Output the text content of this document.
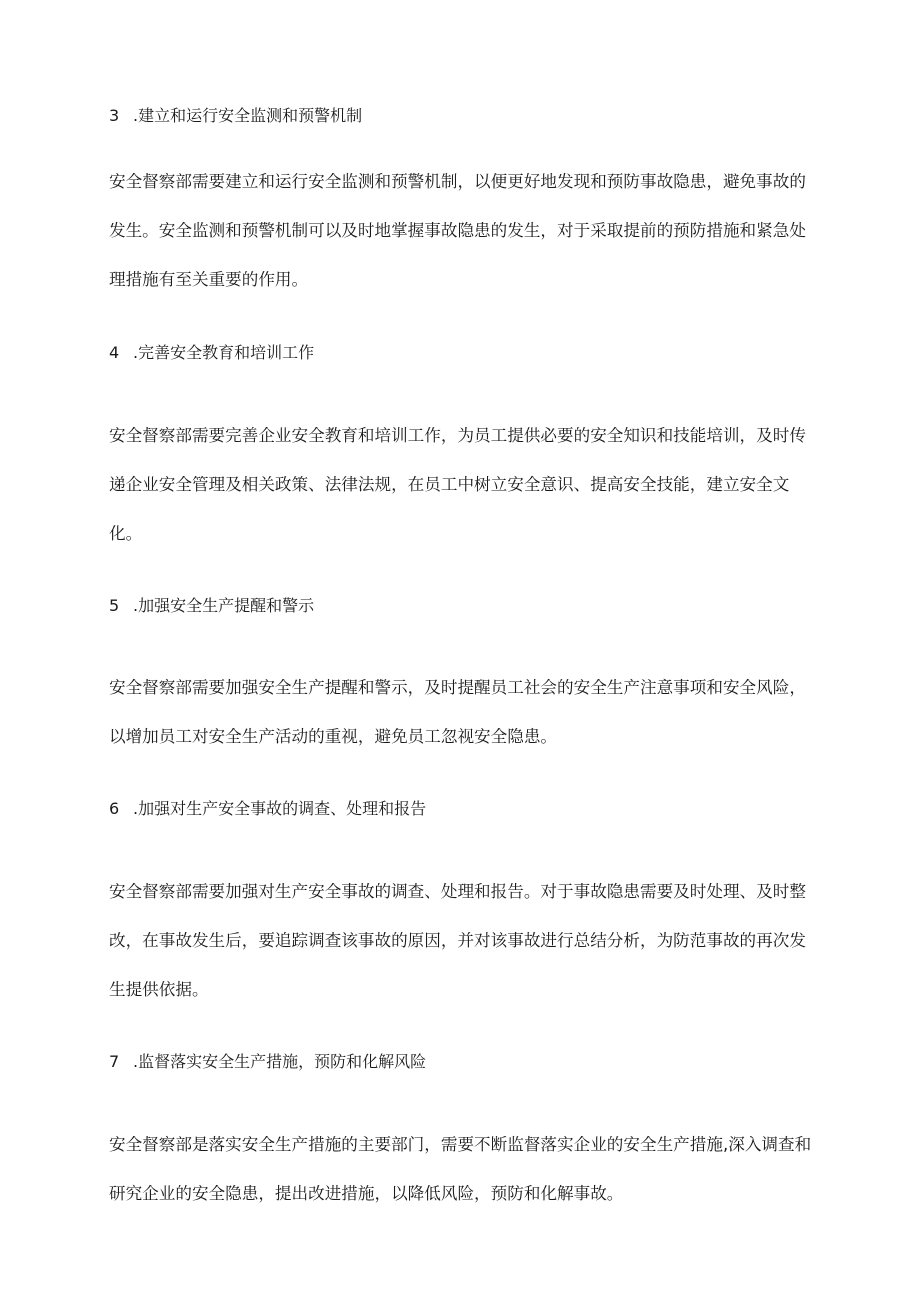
3 .建立和运行安全监测和预警机制

安全督察部需要建立和运行安全监测和预警机制，以便更好地发现和预防事故隐患，避免事故的发生。安全监测和预警机制可以及时地掌握事故隐患的发生，对于采取提前的预防措施和紧急处理措施有至关重要的作用。

4 .完善安全教育和培训工作

安全督察部需要完善企业安全教育和培训工作，为员工提供必要的安全知识和技能培训，及时传递企业安全管理及相关政策、法律法规，在员工中树立安全意识、提高安全技能，建立安全文化。

5 .加强安全生产提醒和警示

安全督察部需要加强安全生产提醒和警示，及时提醒员工社会的安全生产注意事项和安全风险，以增加员工对安全生产活动的重视，避免员工忽视安全隐患。

6 .加强对生产安全事故的调查、处理和报告

安全督察部需要加强对生产安全事故的调查、处理和报告。对于事故隐患需要及时处理、及时整改，在事故发生后，要追踪调查该事故的原因，并对该事故进行总结分析，为防范事故的再次发生提供依据。

7 .监督落实安全生产措施，预防和化解风险

安全督察部是落实安全生产措施的主要部门，需要不断监督落实企业的安全生产措施,深入调查和研究企业的安全隐患，提出改进措施，以降低风险，预防和化解事故。
